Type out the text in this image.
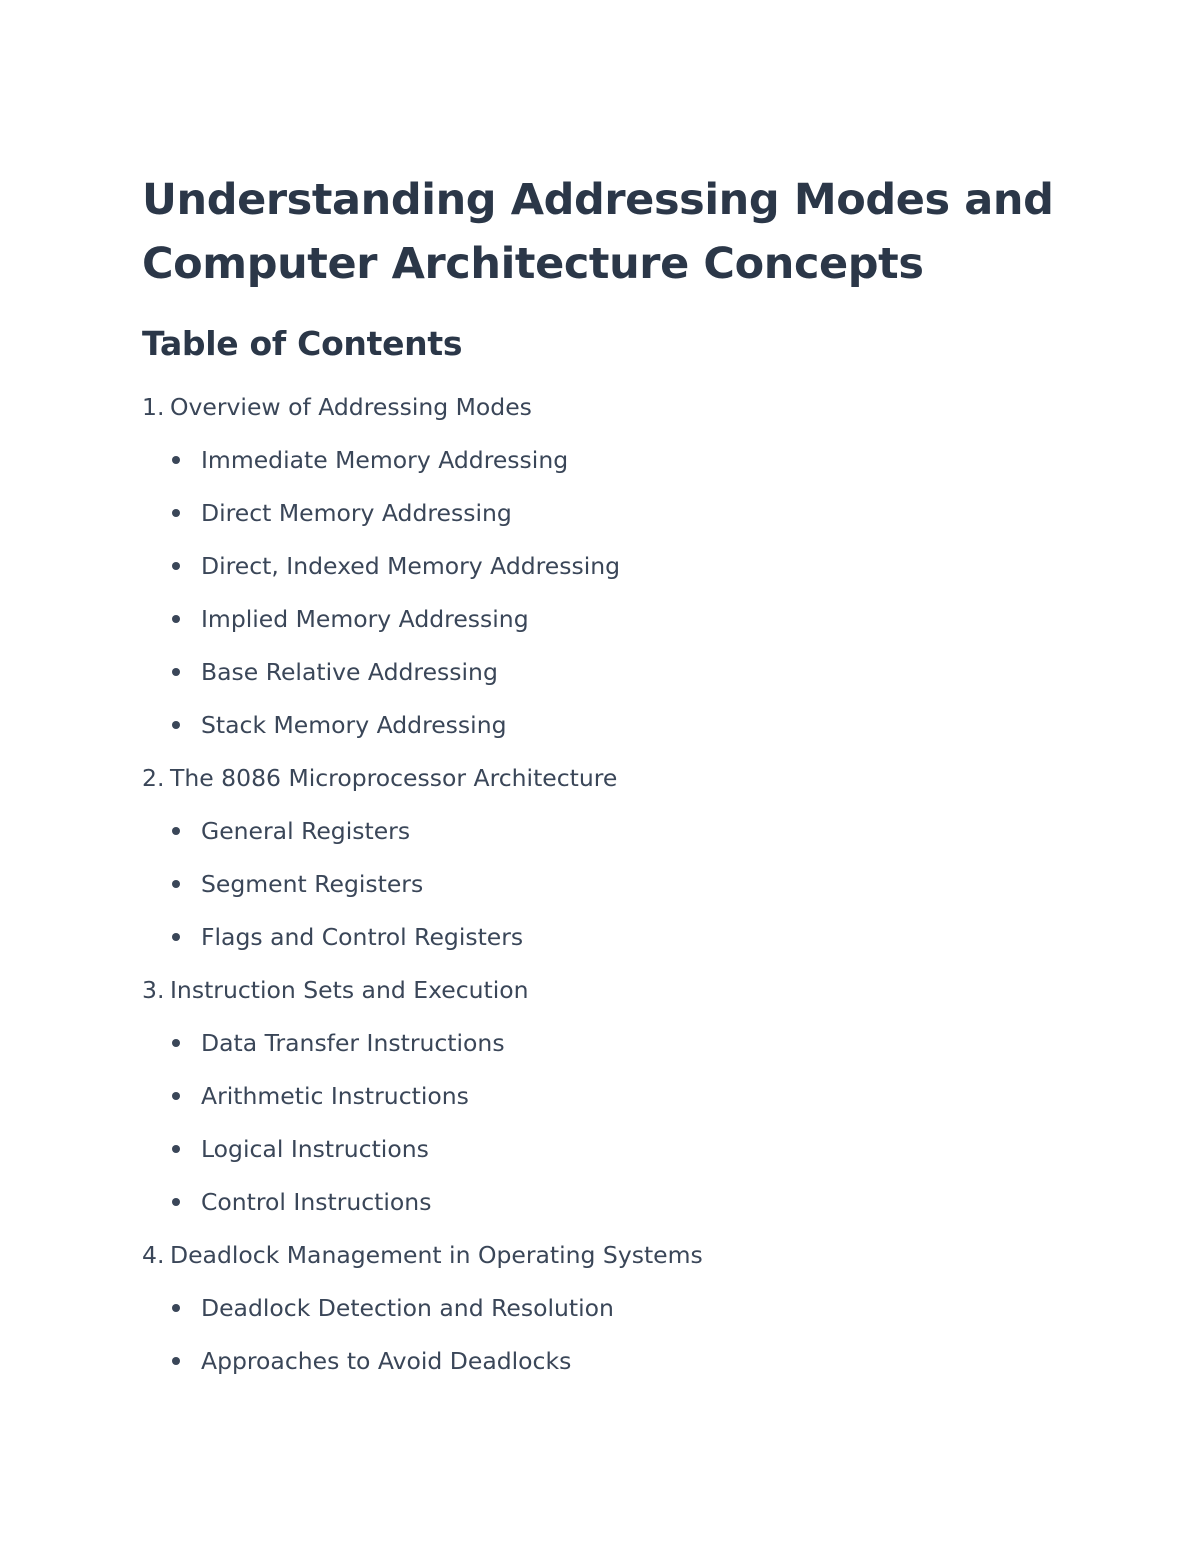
Understanding Addressing Modes and Computer Architecture Concepts
Table of Contents
1. Overview of Addressing Modes
Immediate Memory Addressing
Direct Memory Addressing
Direct, Indexed Memory Addressing
Implied Memory Addressing
Base Relative Addressing
Stack Memory Addressing
2. The 8086 Microprocessor Architecture
General Registers
Segment Registers
Flags and Control Registers
3. Instruction Sets and Execution
Data Transfer Instructions
Arithmetic Instructions
Logical Instructions
Control Instructions
4. Deadlock Management in Operating Systems
Deadlock Detection and Resolution
Approaches to Avoid Deadlocks
